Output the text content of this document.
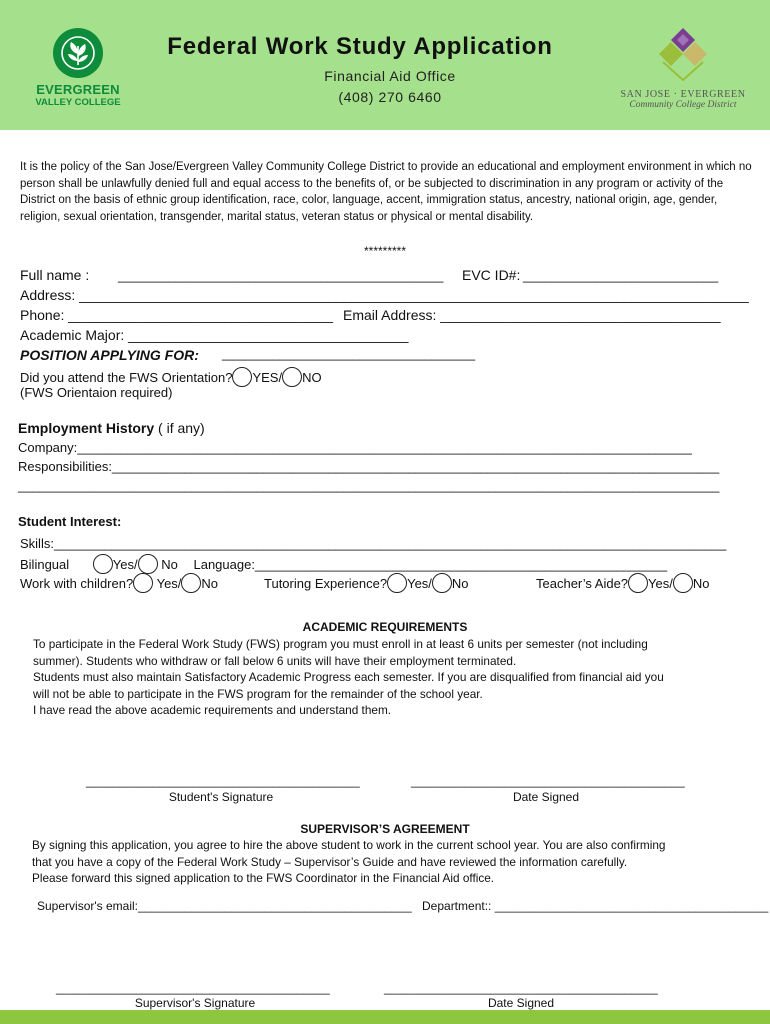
EVERGREEN
VALLEY COLLEGE
Federal Work Study Application
Financial Aid Office
(408) 270 6460	SAN JOSE · EVERGREEN
Community College District
It is the policy of the San Jose/Evergreen Valley Community College District to provide an educational and employment environment in which no person shall be unlawfully denied full and equal access to the benefits of, or be subjected to discrimination in any program or activity of the District on the basis of ethnic group identification, race, color, language, accent, immigration status, ancestry, national origin, age, gender, religion, sexual orientation, transgender, marital status, veteran status or physical or mental disability.
*********
Full name : _____________________________________________ EVC ID#: ___________________________
Address: ______________________________________________________________________________________
Phone: __________________________________ Email Address: ____________________________________
Academic Major: ____________________________________
POSITION APPLYING FOR: ___________________________________
Did you attend the FWS Orientation? YES/ NO
(FWS Orientaion required)
Employment History ( if any)
Company:_____________________________________________________________________________________
Responsibilities:____________________________________________________________________________________
_________________________________________________________________________________________________
Student Interest:
Skills:_____________________________________________________________________________________________
Bilingual	Yes/ No Language:_________________________________________________________
Work with children? Yes/ No	Tutoring Experience? Yes/ No	Teacher’s Aide? Yes/ No
ACADEMIC REQUIREMENTS
To participate in the Federal Work Study (FWS) program you must enroll in at least 6 units per semester (not including
summer). Students who withdraw or fall below 6 units will have their employment terminated.
Students must also maintain Satisfactory Academic Progress each semester. If you are disqualified from financial aid you
will not be able to participate in the FWS program for the remainder of the school year.
I have read the above academic requirements and understand them.
_________________________________________	_________________________________________
Student's Signature	Date Signed
SUPERVISOR’S AGREEMENT
By signing this application, you agree to hire the above student to work in the current school year. You are also confirming
that you have a copy of the Federal Work Study – Supervisor’s Guide and have reviewed the information carefully.
Please forward this signed application to the FWS Coordinator in the Financial Aid office.
Supervisor's email:_________________________________________ Department:: _________________________________________
_________________________________________	_________________________________________
Supervisor's Signature	Date Signed
